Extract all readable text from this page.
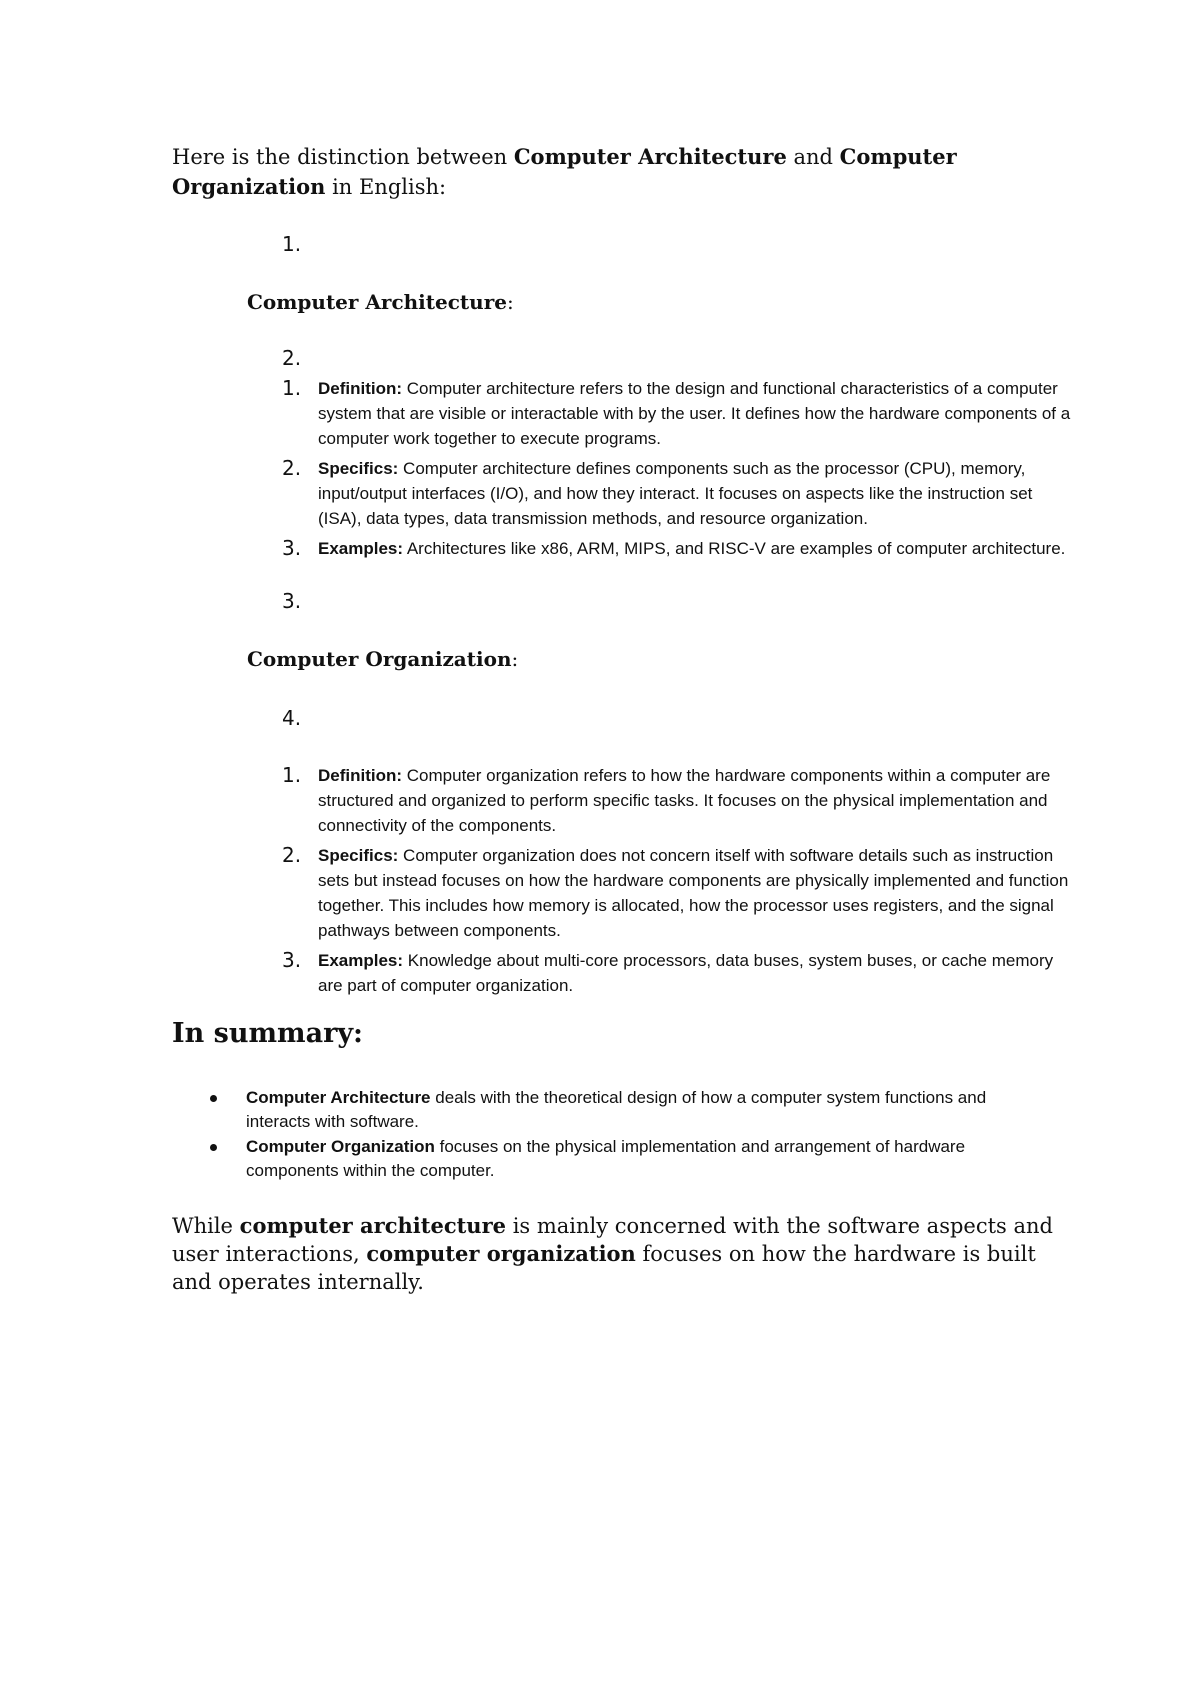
Here is the distinction between Computer Architecture and Computer Organization in English:
1.
Computer Architecture:
2.
1. Definition: Computer architecture refers to the design and functional characteristics of a computer system that are visible or interactable with by the user. It defines how the hardware components of a computer work together to execute programs.
2. Specifics: Computer architecture defines components such as the processor (CPU), memory, input/output interfaces (I/O), and how they interact. It focuses on aspects like the instruction set (ISA), data types, data transmission methods, and resource organization.
3. Examples: Architectures like x86, ARM, MIPS, and RISC-V are examples of computer architecture.
3.
Computer Organization:
4.
1. Definition: Computer organization refers to how the hardware components within a computer are structured and organized to perform specific tasks. It focuses on the physical implementation and connectivity of the components.
2. Specifics: Computer organization does not concern itself with software details such as instruction sets but instead focuses on how the hardware components are physically implemented and function together. This includes how memory is allocated, how the processor uses registers, and the signal pathways between components.
3. Examples: Knowledge about multi-core processors, data buses, system buses, or cache memory are part of computer organization.
In summary:
Computer Architecture deals with the theoretical design of how a computer system functions and interacts with software.
Computer Organization focuses on the physical implementation and arrangement of hardware components within the computer.
While computer architecture is mainly concerned with the software aspects and user interactions, computer organization focuses on how the hardware is built and operates internally.
